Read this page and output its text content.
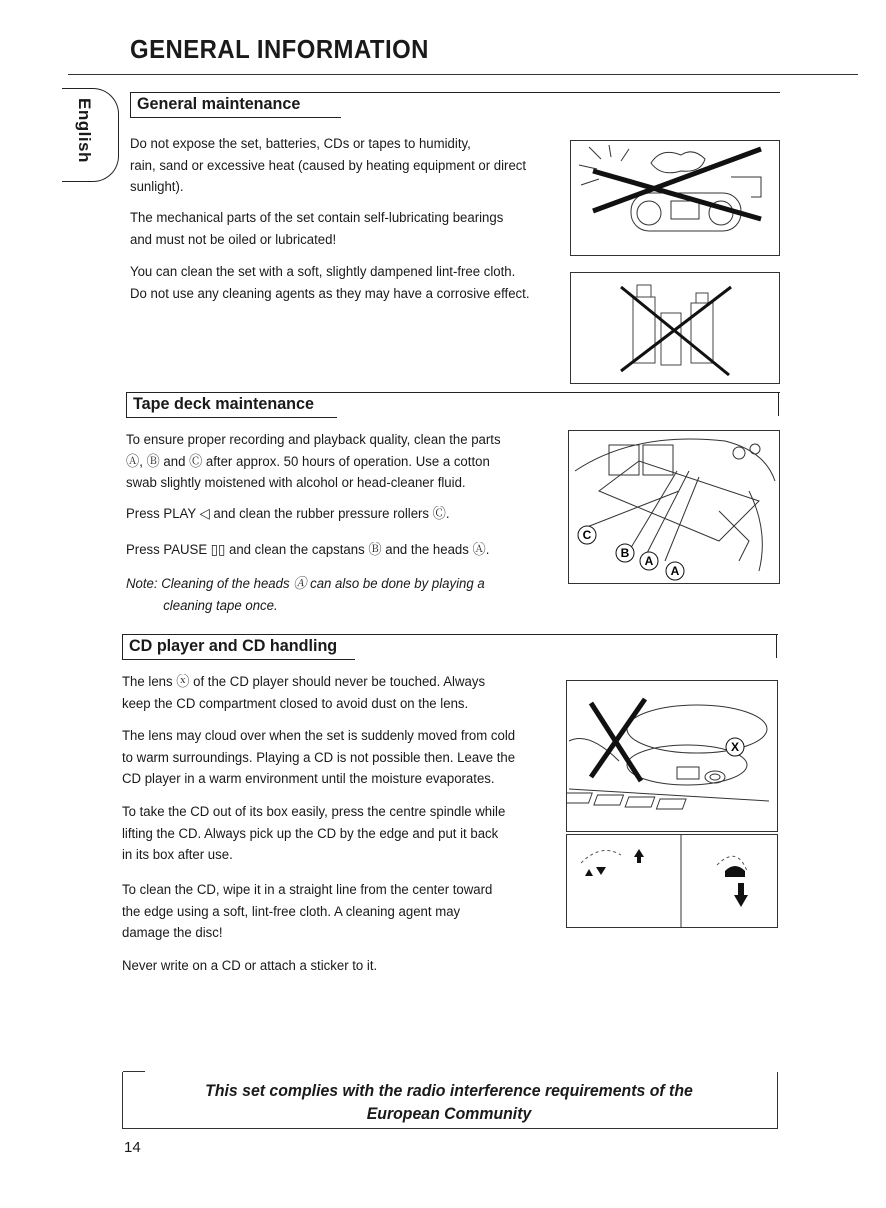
GENERAL INFORMATION
English	General maintenance
Do not expose the set, batteries, CDs or tapes to humidity,
rain, sand or excessive heat (caused by heating equipment or direct
sunlight).
The mechanical parts of the set contain self-lubricating bearings
and must not be oiled or lubricated!
You can clean the set with a soft, slightly dampened lint-free cloth.
Do not use any cleaning agents as they may have a corrosive effect.
Tape deck maintenance
To ensure proper recording and playback quality, clean the parts
Ⓐ, Ⓑ and Ⓒ after approx. 50 hours of operation. Use a cotton
swab slightly moistened with alcohol or head-cleaner fluid.
Press PLAY ◁ and clean the rubber pressure rollers Ⓒ.
Press PAUSE ▯▯ and clean the capstans Ⓑ and the heads Ⓐ.
Note: Cleaning of the heads Ⓐ can also be done by playing a
cleaning tape once.
C
B
A
A
CD player and CD handling
The lens ⓧ of the CD player should never be touched. Always
keep the CD compartment closed to avoid dust on the lens.
The lens may cloud over when the set is suddenly moved from cold
to warm surroundings. Playing a CD is not possible then. Leave the
CD player in a warm environment until the moisture evaporates.
To take the CD out of its box easily, press the centre spindle while
lifting the CD. Always pick up the CD by the edge and put it back
in its box after use.
To clean the CD, wipe it in a straight line from the center toward
the edge using a soft, lint-free cloth. A cleaning agent may
damage the disc!
Never write on a CD or attach a sticker to it.
X
This set complies with the radio interference requirements of the
European Community
14
